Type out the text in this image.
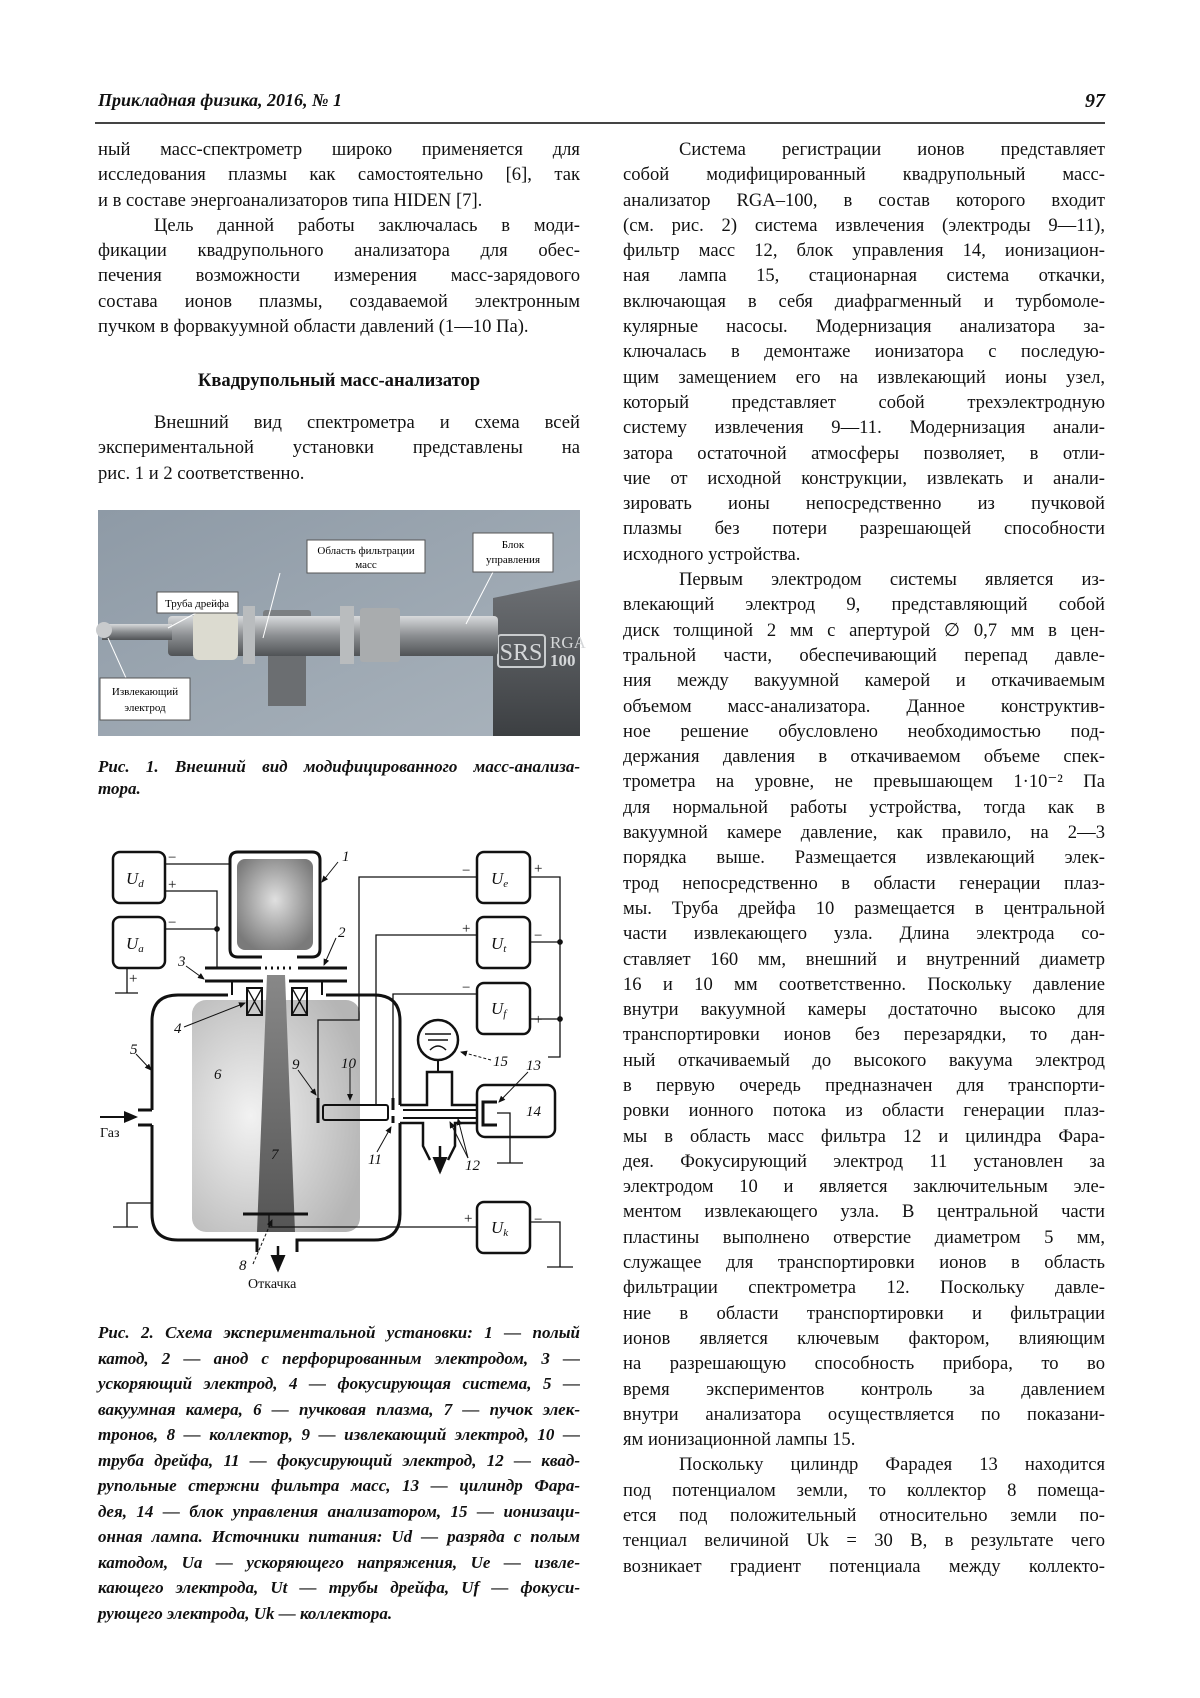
Прикладная физика, 2016, № 1	97
ный масс-спектрометр широко применяется для
исследования плазмы как самостоятельно [6], так
и в составе энергоанализаторов типа HIDEN [7].
Цель данной работы заключалась в моди-
фикации квадрупольного анализатора для обес-
печения возможности измерения масс-зарядового
состава ионов плазмы, создаваемой электронным
пучком в форвакуумной области давлений (1—10 Па).
Квадрупольный масс-анализатор
Внешний вид спектрометра и схема всей
экспериментальной установки представлены на
рис. 1 и 2 соответственно.
SRS RGA
100
Область фильтрации
масс
Блок
управления
Труба дрейфа
Извлекающий
электрод
Рис. 1. Внешний вид модифицированного масс-анализа-
тора.
1
2
3
4
5
6
7
8
9	10
11	12
13
14
15
Газ
Откачка
−
+
−
+
−	+
+	−
−
+
+	−
Ud
Ua
Ue
Ut
Uf
Uk
Рис. 2. Схема экспериментальной установки: 1 — полый
катод, 2 — анод с перфорированным электродом, 3 —
ускоряющий электрод, 4 — фокусирующая система, 5 —
вакуумная камера, 6 — пучковая плазма, 7 — пучок элек-
тронов, 8 — коллектор, 9 — извлекающий электрод, 10 —
труба дрейфа, 11 — фокусирующий электрод, 12 — квад-
рупольные стержни фильтра масс, 13 — цилиндр Фара-
дея, 14 — блок управления анализатором, 15 — ионизаци-
онная лампа. Источники питания: Ud — разряда с полым
катодом, Ua — ускоряющего напряжения, Ue — извле-
кающего электрода, Ut — трубы дрейфа, Uf — фокуси-
рующего электрода, Uk — коллектора.
Система регистрации ионов представляет
собой модифицированный квадрупольный масс-
анализатор RGA–100, в состав которого входит
(см. рис. 2) система извлечения (электроды 9—11),
фильтр масс 12, блок управления 14, ионизацион-
ная лампа 15, стационарная система откачки,
включающая в себя диафрагменный и турбомоле-
кулярные насосы. Модернизация анализатора за-
ключалась в демонтаже ионизатора с последую-
щим замещением его на извлекающий ионы узел,
который представляет собой трехэлектродную
систему извлечения 9—11. Модернизация анали-
затора остаточной атмосферы позволяет, в отли-
чие от исходной конструкции, извлекать и анали-
зировать ионы непосредственно из пучковой
плазмы без потери разрешающей способности
исходного устройства.
Первым электродом системы является из-
влекающий электрод 9, представляющий собой
диск толщиной 2 мм с апертурой ∅ 0,7 мм в цен-
тральной части, обеспечивающий перепад давле-
ния между вакуумной камерой и откачиваемым
объемом масс-анализатора. Данное конструктив-
ное решение обусловлено необходимостью под-
держания давления в откачиваемом объеме спек-
трометра на уровне, не превышающем 1·10⁻² Па
для нормальной работы устройства, тогда как в
вакуумной камере давление, как правило, на 2—3
порядка выше. Размещается извлекающий элек-
трод непосредственно в области генерации плаз-
мы. Труба дрейфа 10 размещается в центральной
части извлекающего узла. Длина электрода со-
ставляет 160 мм, внешний и внутренний диаметр
16 и 10 мм соответственно. Поскольку давление
внутри вакуумной камеры достаточно высоко для
транспортировки ионов без перезарядки, то дан-
ный откачиваемый до высокого вакуума электрод
в первую очередь предназначен для транспорти-
ровки ионного потока из области генерации плаз-
мы в область масс фильтра 12 и цилиндра Фара-
дея. Фокусирующий электрод 11 установлен за
электродом 10 и является заключительным эле-
ментом извлекающего узла. В центральной части
пластины выполнено отверстие диаметром 5 мм,
служащее для транспортировки ионов в область
фильтрации спектрометра 12. Поскольку давле-
ние в области транспортировки и фильтрации
ионов является ключевым фактором, влияющим
на разрешающую способность прибора, то во
время экспериментов контроль за давлением
внутри анализатора осуществляется по показани-
ям ионизационной лампы 15.
Поскольку цилиндр Фарадея 13 находится
под потенциалом земли, то коллектор 8 помеща-
ется под положительный относительно земли по-
тенциал величиной Uk = 30 В, в результате чего
возникает градиент потенциала между коллекто-
